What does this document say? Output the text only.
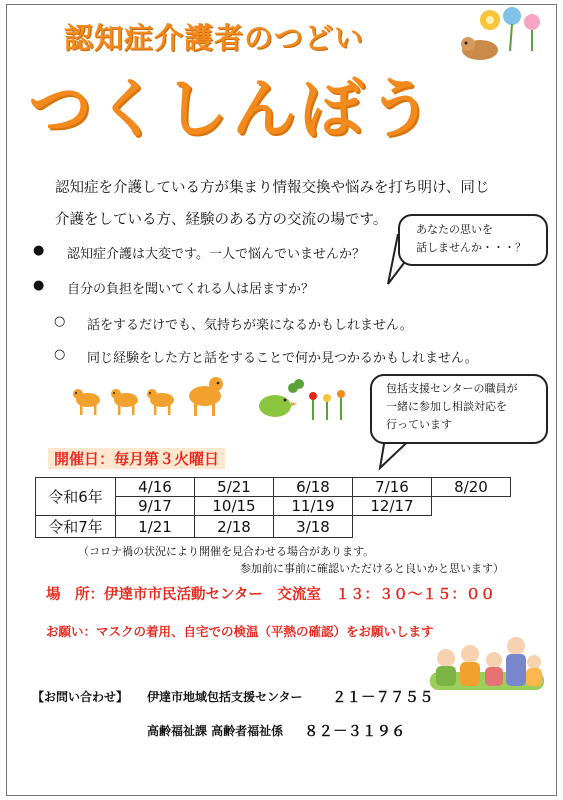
認知症介護者のつどい
つくしんぼう
認知症を介護している方が集まり情報交換や悩みを打ち明け、同じ
介護をしている方、経験のある方の交流の場です。
● 認知症介護は大変です。一人で悩んでいませんか？
● 自分の負担を聞いてくれる人は居ますか？
○ 話をするだけでも、気持ちが楽になるかもしれません。
○ 同じ経験をした方と話をすることで何か見つかるかもしれません。
あなたの思いを
話しませんか・・・？
包括支援センターの職員が
一緒に参加し相談対応を
行っています
開催日：毎月第３火曜日
令和6年	4/16	5/21	6/18	7/16	8/20
	9/17	10/15	11/19	12/17	
令和7年	1/21	2/18	3/18		
（コロナ禍の状況により開催を見合わせる場合があります。
参加前に事前に確認いただけると良いかと思います）
場　所：伊達市市民活動センター　交流室　１３：３０～１５：００
お願い：マスクの着用、自宅での検温（平熱の確認）をお願いします
【お問い合わせ】 伊達市地域包括支援センター ２１－７７５５
高齢福祉課 高齢者福祉係 ８２－３１９６
